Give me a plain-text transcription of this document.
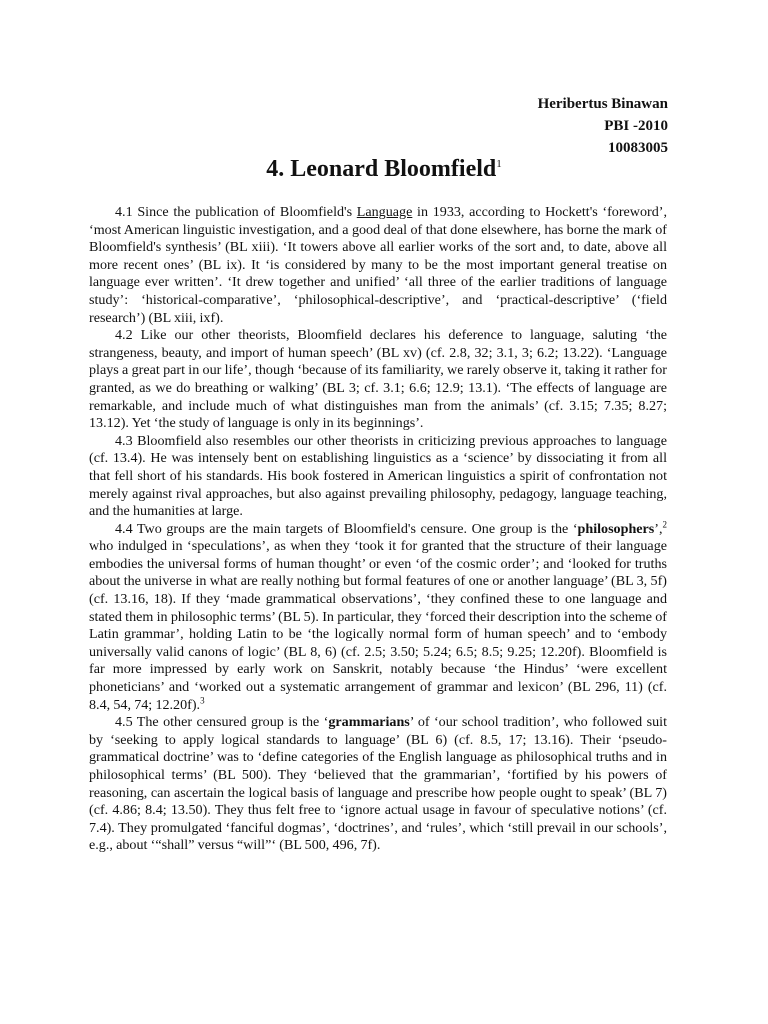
Heribertus Binawan
PBI -2010
10083005
4. Leonard Bloomfield$^1$

4.1 Since the publication of Bloomfield's Language in 1933, according to Hockett's ‘foreword’, ‘most American linguistic investigation, and a good deal of that done elsewhere, has borne the mark of Bloomfield's synthesis’ (BL xiii). ‘It towers above all earlier works of the sort and, to date, above all more recent ones’ (BL ix). It ‘is considered by many to be the most important general treatise on language ever written’. ‘It drew together and unified’ ‘all three of the earlier traditions of language study’: ‘historical-comparative’, ‘philosophical-descriptive’, and ‘practical-descriptive’ (‘field research’) (BL xiii, ixf).

4.2 Like our other theorists, Bloomfield declares his deference to language, saluting ‘the strangeness, beauty, and import of human speech’ (BL xv) (cf. 2.8, 32; 3.1, 3; 6.2; 13.22). ‘Language plays a great part in our life’, though ‘because of its familiarity, we rarely observe it, taking it rather for granted, as we do breathing or walking’ (BL 3; cf. 3.1; 6.6; 12.9; 13.1). ‘The effects of language are remarkable, and include much of what distinguishes man from the animals’ (cf. 3.15; 7.35; 8.27; 13.12). Yet ‘the study of language is only in its beginnings’.

4.3 Bloomfield also resembles our other theorists in criticizing previous approaches to language (cf. 13.4). He was intensely bent on establishing linguistics as a ‘science’ by dissociating it from all that fell short of his standards. His book fostered in American linguistics a spirit of confrontation not merely against rival approaches, but also against prevailing philosophy, pedagogy, language teaching, and the humanities at large.

4.4 Two groups are the main targets of Bloomfield's censure. One group is the ‘philosophers’,$^2$ who indulged in ‘speculations’, as when they ‘took it for granted that the structure of their language embodies the universal forms of human thought’ or even ‘of the cosmic order’; and ‘looked for truths about the universe in what are really nothing but formal features of one or another language’ (BL 3, 5f) (cf. 13.16, 18). If they ‘made grammatical observations’, ‘they confined these to one language and stated them in philosophic terms’ (BL 5). In particular, they ‘forced their description into the scheme of Latin grammar’, holding Latin to be ‘the logically normal form of human speech’ and to ‘embody universally valid canons of logic’ (BL 8, 6) (cf. 2.5; 3.50; 5.24; 6.5; 8.5; 9.25; 12.20f). Bloomfield is far more impressed by early work on Sanskrit, notably because ‘the Hindus’ ‘were excellent phoneticians’ and ‘worked out a systematic arrangement of grammar and lexicon’ (BL 296, 11) (cf. 8.4, 54, 74; 12.20f).$^3$

4.5 The other censured group is the ‘grammarians’ of ‘our school tradition’, who followed suit by ‘seeking to apply logical standards to language’ (BL 6) (cf. 8.5, 17; 13.16). Their ‘pseudo-grammatical doctrine’ was to ‘define categories of the English language as philosophical truths and in philosophical terms’ (BL 500). They ‘believed that the grammarian’, ‘fortified by his powers of reasoning, can ascertain the logical basis of language and prescribe how people ought to speak’ (BL 7) (cf. 4.86; 8.4; 13.50). They thus felt free to ‘ignore actual usage in favour of speculative notions’ (cf. 7.4). They promulgated ‘fanciful dogmas’, ‘doctrines’, and ‘rules’, which ‘still prevail in our schools’, e.g., about ‘“shall” versus “will”‘ (BL 500, 496, 7f).
